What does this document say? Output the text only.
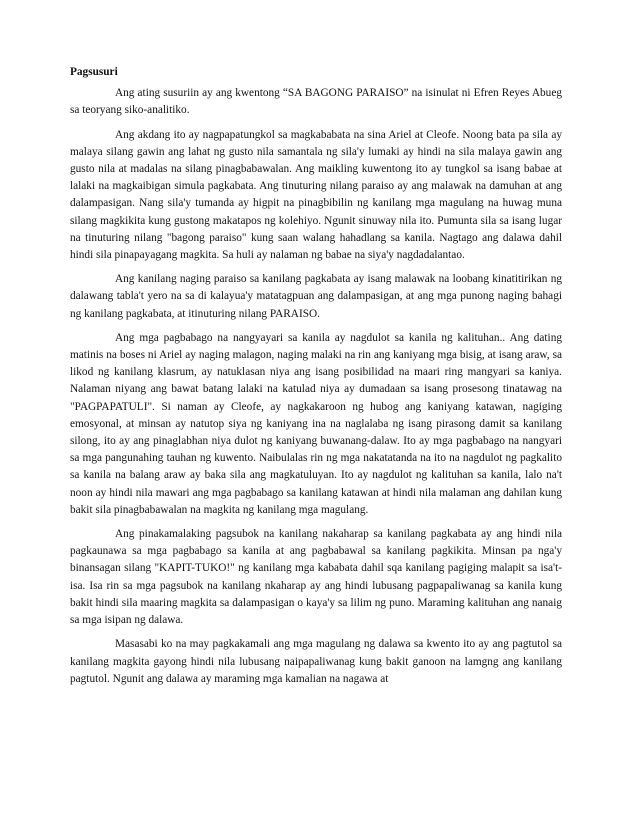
Pagsusuri

Ang ating susuriin ay ang kwentong “SA BAGONG PARAISO” na isinulat ni Efren Reyes Abueg sa teoryang siko-analitiko.

Ang akdang ito ay nagpapatungkol sa magkababata na sina Ariel at Cleofe. Noong bata pa sila ay malaya silang gawin ang lahat ng gusto nila samantala ng sila'y lumaki ay hindi na sila malaya gawin ang gusto nila at madalas na silang pinagbabawalan. Ang maikling kuwentong ito ay tungkol sa isang babae at lalaki na magkaibigan simula pagkabata. Ang tinuturing nilang paraiso ay ang malawak na damuhan at ang dalampasigan. Nang sila'y tumanda ay higpit na pinagbibilin ng kanilang mga magulang na huwag muna silang magkikita kung gustong makatapos ng kolehiyo. Ngunit sinuway nila ito. Pumunta sila sa isang lugar na tinuturing nilang "bagong paraiso" kung saan walang hahadlang sa kanila. Nagtago ang dalawa dahil hindi sila pinapayagang magkita. Sa huli ay nalaman ng babae na siya'y nagdadalantao.

Ang kanilang naging paraiso sa kanilang pagkabata ay isang malawak na loobang kinatitirikan ng dalawang tabla't yero na sa di kalayua'y matatagpuan ang dalampasigan, at ang mga punong naging bahagi ng kanilang pagkabata, at itinuturing nilang PARAISO.

Ang mga pagbabago na nangyayari sa kanila ay nagdulot sa kanila ng kalituhan.. Ang dating matinis na boses ni Ariel ay naging malagon, naging malaki na rin ang kaniyang mga bisig, at isang araw, sa likod ng kanilang klasrum, ay natuklasan niya ang isang posibilidad na maari ring mangyari sa kaniya. Nalaman niyang ang bawat batang lalaki na katulad niya ay dumadaan sa isang prosesong tinatawag na "PAGPAPATULI". Si naman ay Cleofe, ay nagkakaroon ng hubog ang kaniyang katawan, nagiging emosyonal, at minsan ay natutop siya ng kaniyang ina na naglalaba ng isang pirasong damit sa kanilang silong, ito ay ang pinaglabhan niya dulot ng kaniyang buwanang-dalaw. Ito ay mga pagbabago na nangyari sa mga pangunahing tauhan ng kuwento. Naibulalas rin ng mga nakatatanda na ito na nagdulot ng pagkalito sa kanila na balang araw ay baka sila ang magkatuluyan. Ito ay nagdulot ng kalituhan sa kanila, lalo na't noon ay hindi nila mawari ang mga pagbabago sa kanilang katawan at hindi nila malaman ang dahilan kung bakit sila pinagbabawalan na magkita ng kanilang mga magulang.

Ang pinakamalaking pagsubok na kanilang nakaharap sa kanilang pagkabata ay ang hindi nila pagkaunawa sa mga pagbabago sa kanila at ang pagbabawal sa kanilang pagkikita. Minsan pa nga'y binansagan silang "KAPIT-TUKO!" ng kanilang mga kababata dahil sqa kanilang pagiging malapit sa isa't-isa. Isa rin sa mga pagsubok na kanilang nkaharap ay ang hindi lubusang pagpapaliwanag sa kanila kung bakit hindi sila maaring magkita sa dalampasigan o kaya'y sa lilim ng puno. Maraming kalituhan ang nanaig sa mga isipan ng dalawa.

Masasabi ko na may pagkakamali ang mga magulang ng dalawa sa kwento ito ay ang pagtutol sa kanilang magkita gayong hindi nila lubusang naipapaliwanag kung bakit ganoon na lamgng ang kanilang pagtutol. Ngunit ang dalawa ay maraming mga kamalian na nagawa at
